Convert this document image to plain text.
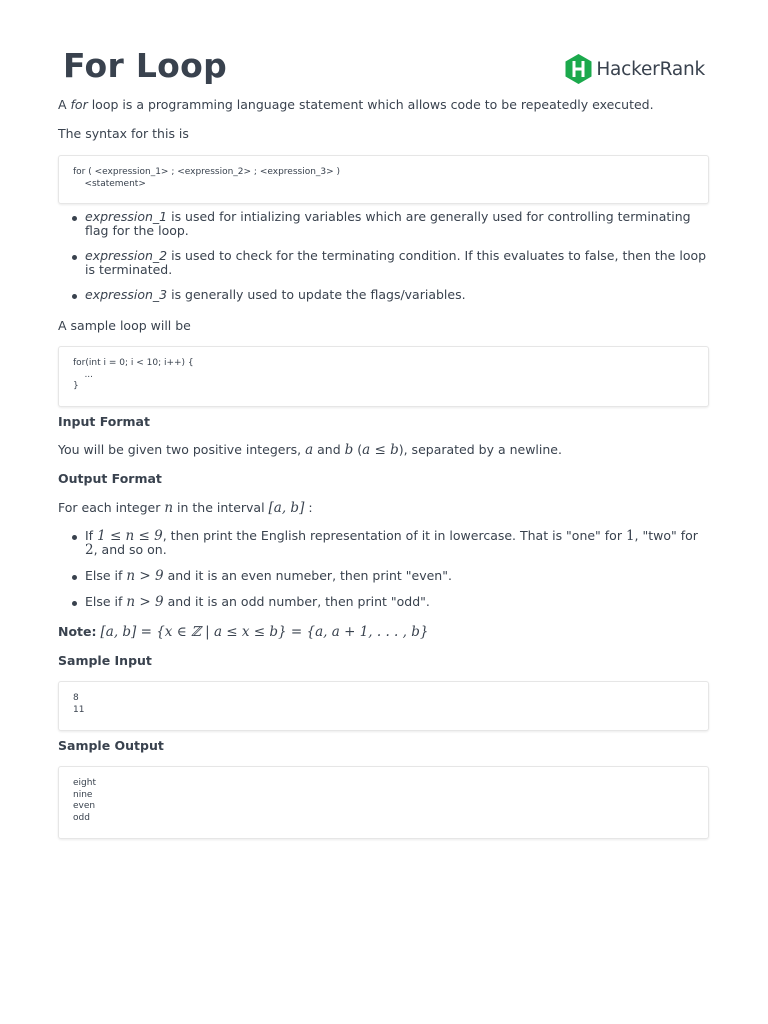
For Loop	HackerRank

A for loop is a programming language statement which allows code to be repeatedly executed.

The syntax for this is

for ( <expression_1> ; <expression_2> ; <expression_3> )
<statement>
expression_1 is used for intializing variables which are generally used for controlling terminating flag for the loop.
expression_2 is used to check for the terminating condition. If this evaluates to false, then the loop is terminated.
expression_3 is generally used to update the flags/variables.

A sample loop will be

for(int i = 0; i < 10; i++) {
...
}
Input Format

You will be given two positive integers, a and b (a ≤ b), separated by a newline.

Output Format

For each integer n in the interval [a, b] :

If 1 ≤ n ≤ 9, then print the English representation of it in lowercase. That is "one" for 1, "two" for 2, and so on.
Else if n > 9 and it is an even numeber, then print "even".
Else if n > 9 and it is an odd number, then print "odd".

Note: [a, b] = {x ∈ ℤ | a ≤ x ≤ b} = {a, a + 1, . . . , b}

Sample Input
8
11
Sample Output
eight
nine
even
odd
